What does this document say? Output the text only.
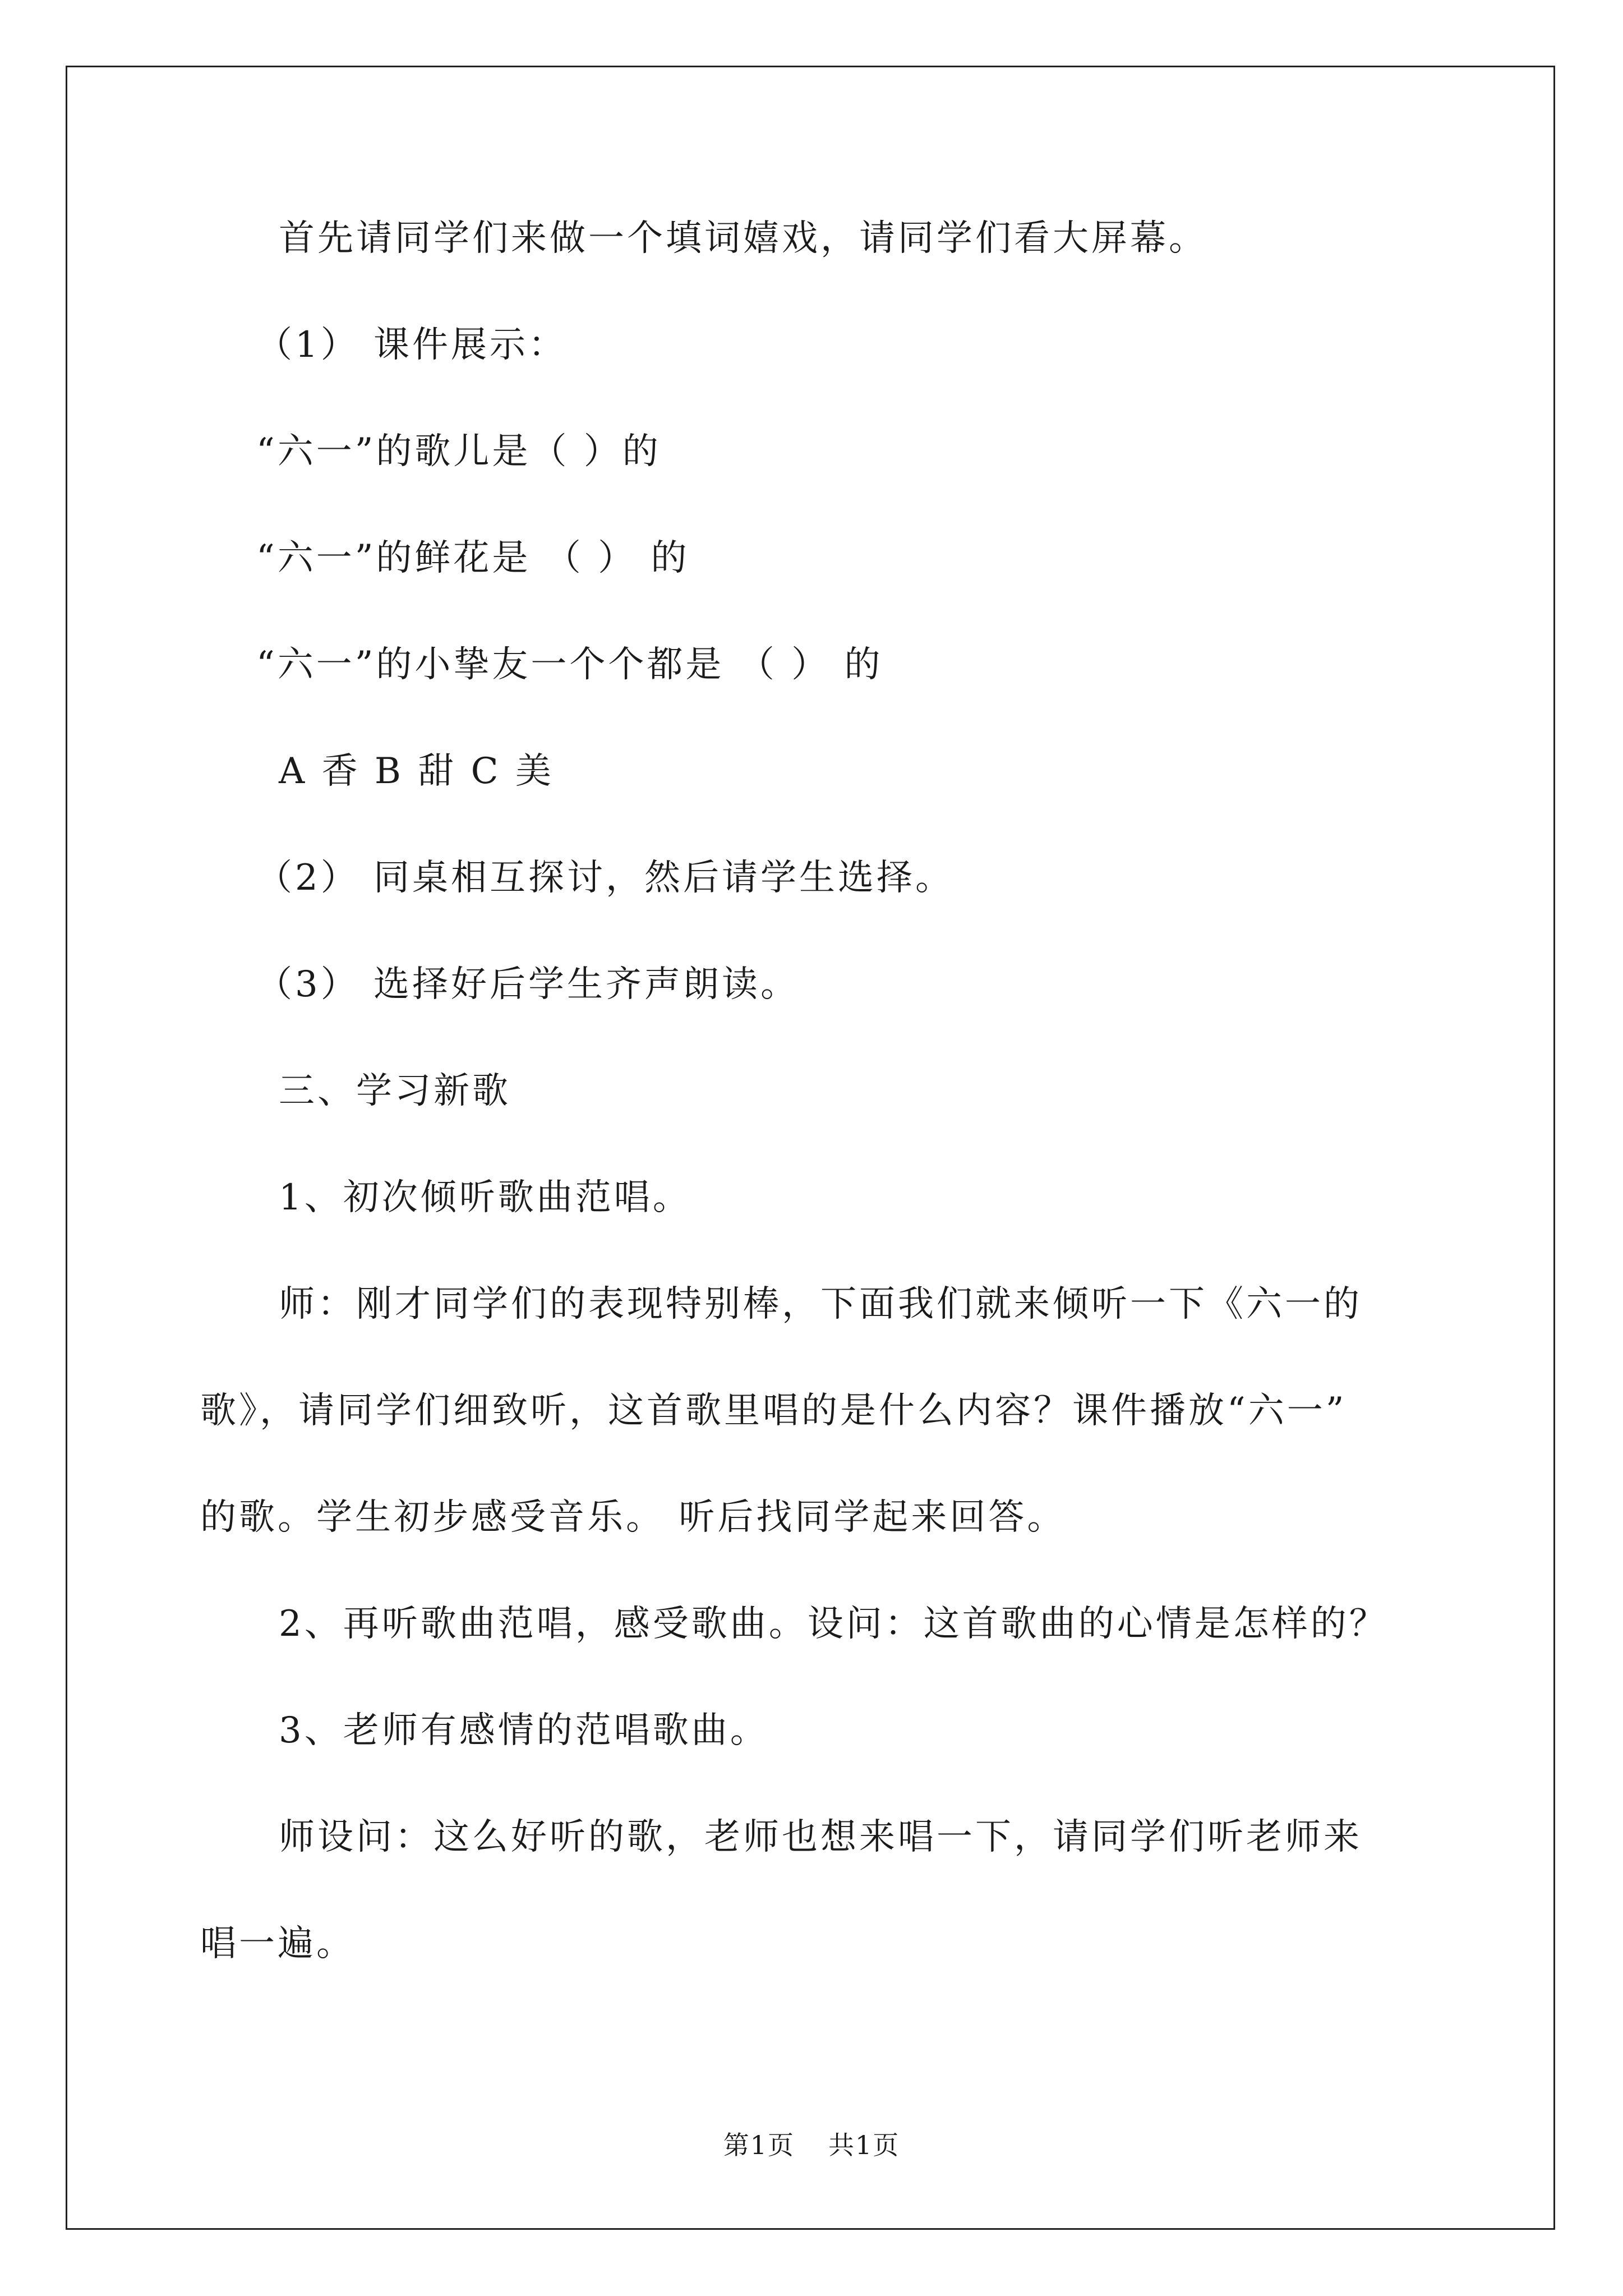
首先请同学们来做一个填词嬉戏，请同学们看大屏幕。
（1） 课件展示：
“六一”的歌儿是（ ）的
“六一”的鲜花是 （ ） 的
“六一”的小挚友一个个都是 （ ） 的
A 香 B 甜 C 美
（2） 同桌相互探讨，然后请学生选择。
（3） 选择好后学生齐声朗读。
三、学习新歌
1、初次倾听歌曲范唱。
师：刚才同学们的表现特别棒，下面我们就来倾听一下《六一的
歌》，请同学们细致听，这首歌里唱的是什么内容？课件播放“六一”
的歌。学生初步感受音乐。 听后找同学起来回答。
2、再听歌曲范唱，感受歌曲。设问：这首歌曲的心情是怎样的？
3、老师有感情的范唱歌曲。
师设问：这么好听的歌，老师也想来唱一下，请同学们听老师来
唱一遍。
第1页 共1页
